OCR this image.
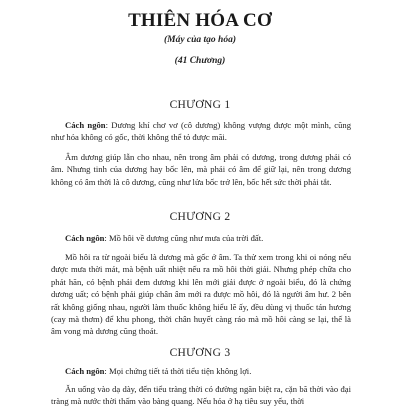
THIÊN HÓA CƠ

(Máy của tạo hóa)

(41 Chương)

CHƯƠNG 1

Cách ngôn: Dương khí chơ vơ (cô dương) không vượng được một mình, cũng như hỏa không có gốc, thời không thể tỏ được mãi.

Âm dương giúp lẫn cho nhau, nên trong âm phải có dương, trong dương phải có âm. Nhưng tinh của dương hay bốc lên, mà phải có âm để giữ lại, nên trong dương không có âm thời là cô dương, cũng như lửa bốc trở lên, bốc hết sức thời phải tắt.

CHƯƠNG 2

Cách ngôn: Mồ hôi về dương cũng như mưa của trời đất.

Mồ hôi ra từ ngoài biểu là dương mà gốc ở âm. Ta thử xem trong khi oi nóng nếu được mưa thời mát, mà bệnh uất nhiệt nếu ra mồ hôi thời giải. Nhưng phép chữa cho phát hãn, có bệnh phải đem dương khi lên mới giải được ở ngoài biểu, đó là chứng dương uất; có bệnh phải giúp chân âm mới ra được mồ hôi, đó là người âm hư. 2 bên rất không giống nhau, người làm thuốc không hiểu lẽ ấy, đều dùng vị thuốc tán hương (cay mà thơm) để khu phong, thời chân huyết càng ráo mà mồ hôi càng se lại, thế là âm vong mà dương cũng thoát.

CHƯƠNG 3

Cách ngôn: Mọi chứng tiết tả thời tiểu tiện không lợi.

Ăn uống vào dạ dày, đến tiểu tràng thời có đường ngăn biệt ra, cặn bã thời vào đại tràng mà nước thời thấm vào bàng quang. Nếu hỏa ở hạ tiêu suy yếu, thời
